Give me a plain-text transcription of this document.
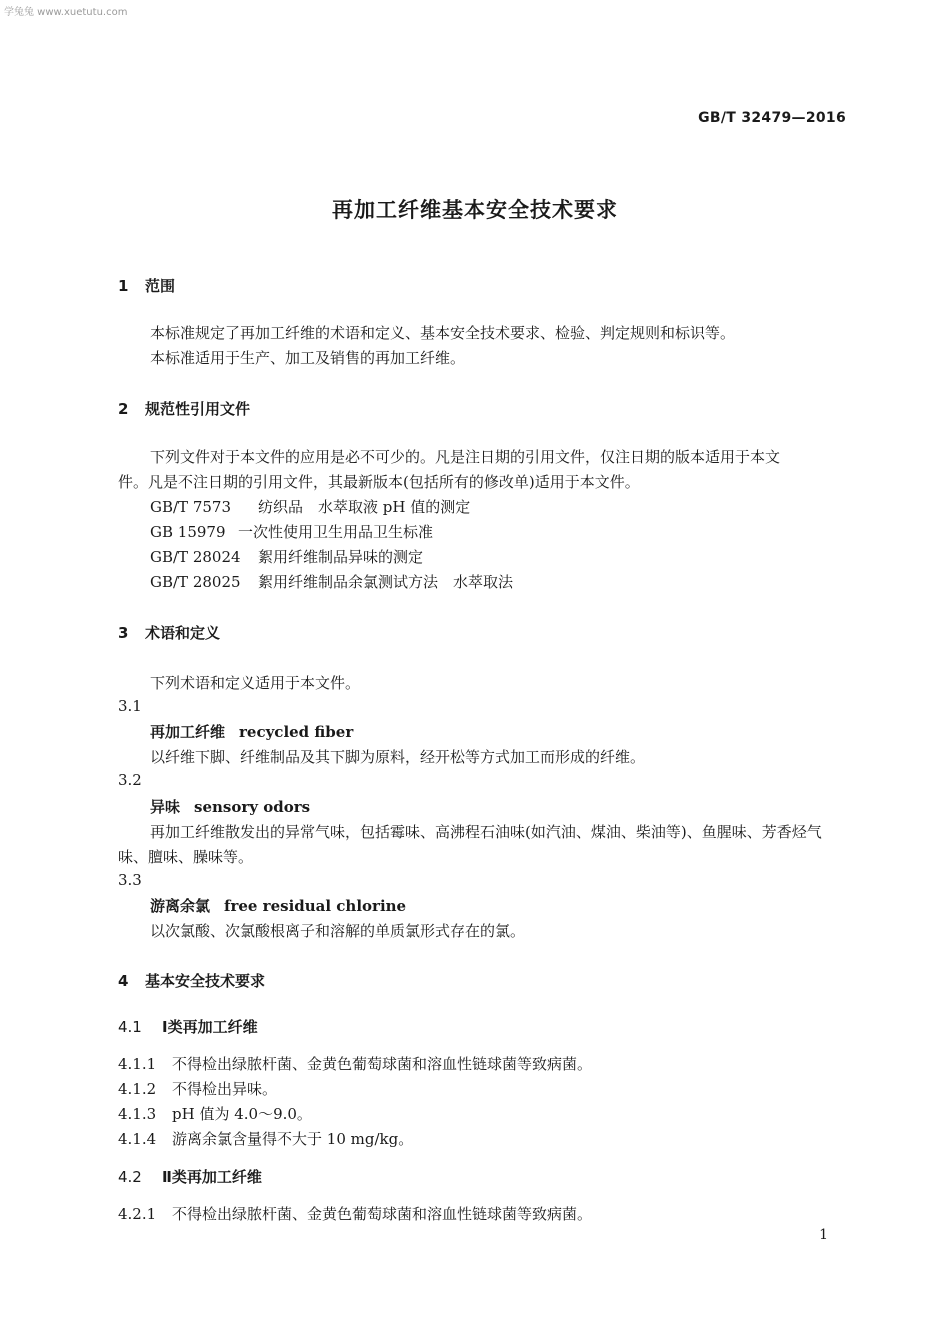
学兔兔 www.xuetutu.com
GB/T 32479—2016
再加工纤维基本安全技术要求
1 范围
本标准规定了再加工纤维的术语和定义、基本安全技术要求、检验、判定规则和标识等。
本标准适用于生产、加工及销售的再加工纤维。
2 规范性引用文件
下列文件对于本文件的应用是必不可少的。凡是注日期的引用文件，仅注日期的版本适用于本文
件。凡是不注日期的引用文件，其最新版本(包括所有的修改单)适用于本文件。
GB/T 7573 纺织品　水萃取液 pH 值的测定
GB 15979 一次性使用卫生用品卫生标准
GB/T 28024 絮用纤维制品异味的测定
GB/T 28025 絮用纤维制品余氯测试方法　水萃取法
3 术语和定义
下列术语和定义适用于本文件。
3.1
再加工纤维 recycled fiber
以纤维下脚、纤维制品及其下脚为原料，经开松等方式加工而形成的纤维。
3.2
异味 sensory odors
再加工纤维散发出的异常气味，包括霉味、高沸程石油味(如汽油、煤油、柴油等)、鱼腥味、芳香烃气
味、膻味、臊味等。
3.3
游离余氯 free residual chlorine
以次氯酸、次氯酸根离子和溶解的单质氯形式存在的氯。
4 基本安全技术要求
4.1 Ⅰ类再加工纤维
4.1.1 不得检出绿脓杆菌、金黄色葡萄球菌和溶血性链球菌等致病菌。
4.1.2 不得检出异味。
4.1.3 pH 值为 4.0～9.0。
4.1.4 游离余氯含量得不大于 10 mg/kg。
4.2 Ⅱ类再加工纤维
4.2.1 不得检出绿脓杆菌、金黄色葡萄球菌和溶血性链球菌等致病菌。
1
